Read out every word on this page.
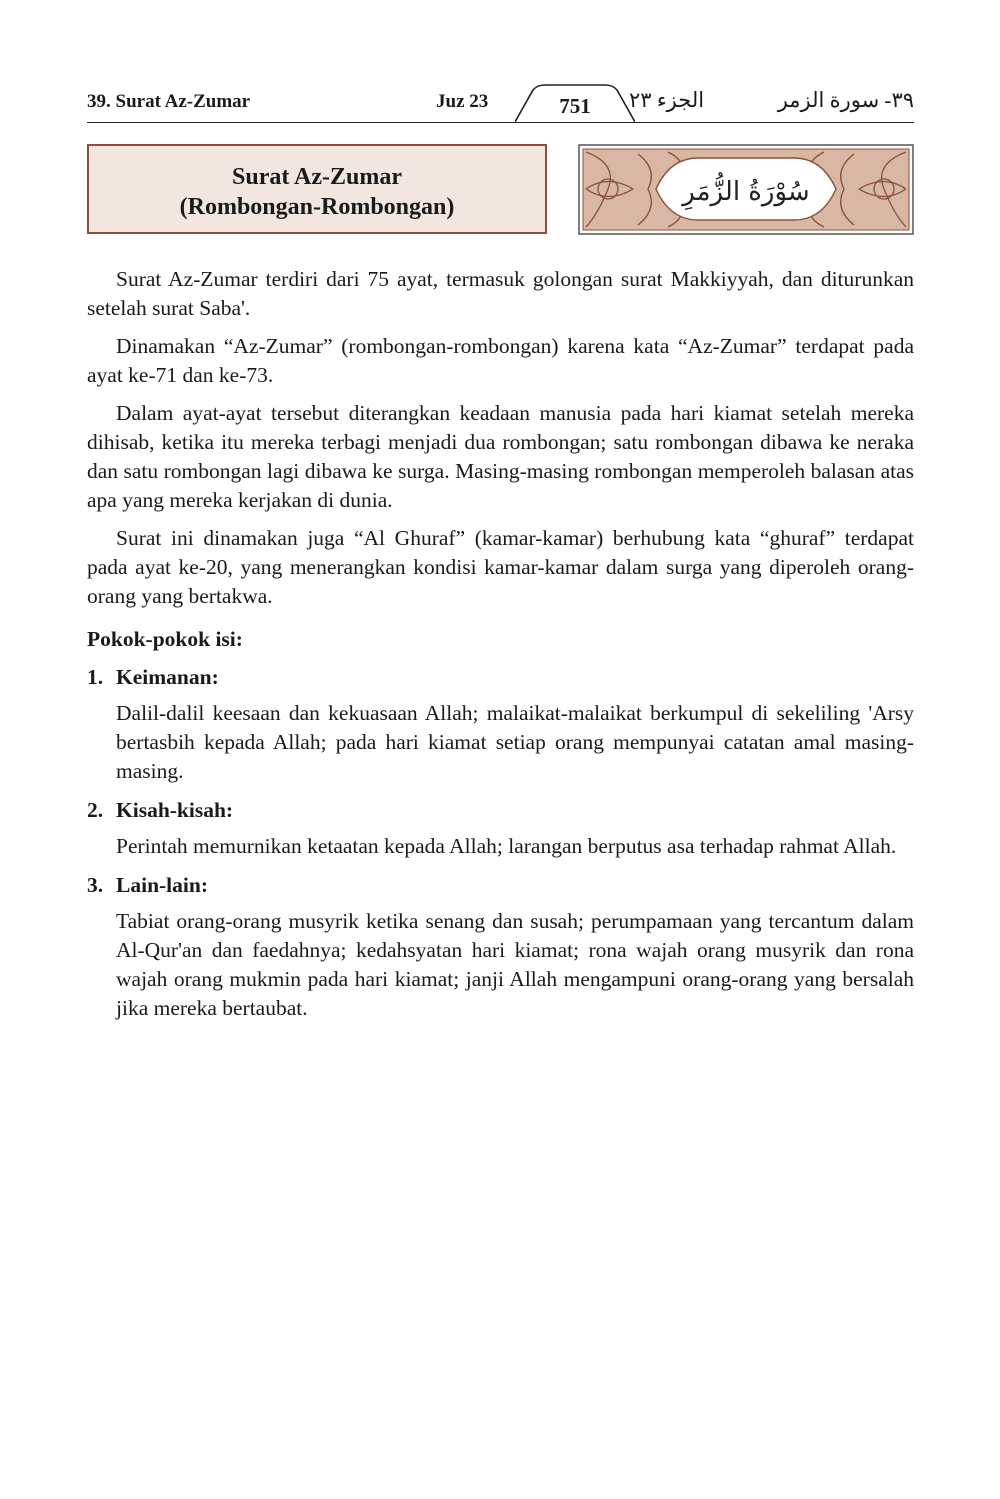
39. Surat Az-Zumar	Juz 23	751	الجزء ٢٣	٣٩- سورة الزمر
Surat Az-Zumar
(Rombongan-Rombongan)	سُوْرَةُ الزُّمَرِ

Surat Az-Zumar terdiri dari 75 ayat, termasuk golongan surat Makkiyyah, dan diturunkan setelah surat Saba'.

Dinamakan “Az-Zumar” (rombongan-rombongan) karena kata “Az-Zumar” terdapat pada ayat ke-71 dan ke-73.

Dalam ayat-ayat tersebut diterangkan keadaan manusia pada hari kiamat setelah mereka dihisab, ketika itu mereka terbagi menjadi dua rombongan; satu rombongan dibawa ke neraka dan satu rombongan lagi dibawa ke surga. Masing-masing rombongan memperoleh balasan atas apa yang mereka kerjakan di dunia.

Surat ini dinamakan juga “Al Ghuraf” (kamar-kamar) berhubung kata “ghuraf” terdapat pada ayat ke-20, yang menerangkan kondisi kamar-kamar dalam surga yang diperoleh orang-orang yang bertakwa.

Pokok-pokok isi:
1. Keimanan:
Dalil-dalil keesaan dan kekuasaan Allah; malaikat-malaikat berkumpul di sekeliling 'Arsy bertasbih kepada Allah; pada hari kiamat setiap orang mempunyai catatan amal masing-masing.
2. Kisah-kisah:
Perintah memurnikan ketaatan kepada Allah; larangan berputus asa terhadap rahmat Allah.
3. Lain-lain:
Tabiat orang-orang musyrik ketika senang dan susah; perumpamaan yang tercantum dalam Al-Qur'an dan faedahnya; kedahsyatan hari kiamat; rona wajah orang musyrik dan rona wajah orang mukmin pada hari kiamat; janji Allah mengampuni orang-orang yang bersalah jika mereka bertaubat.
